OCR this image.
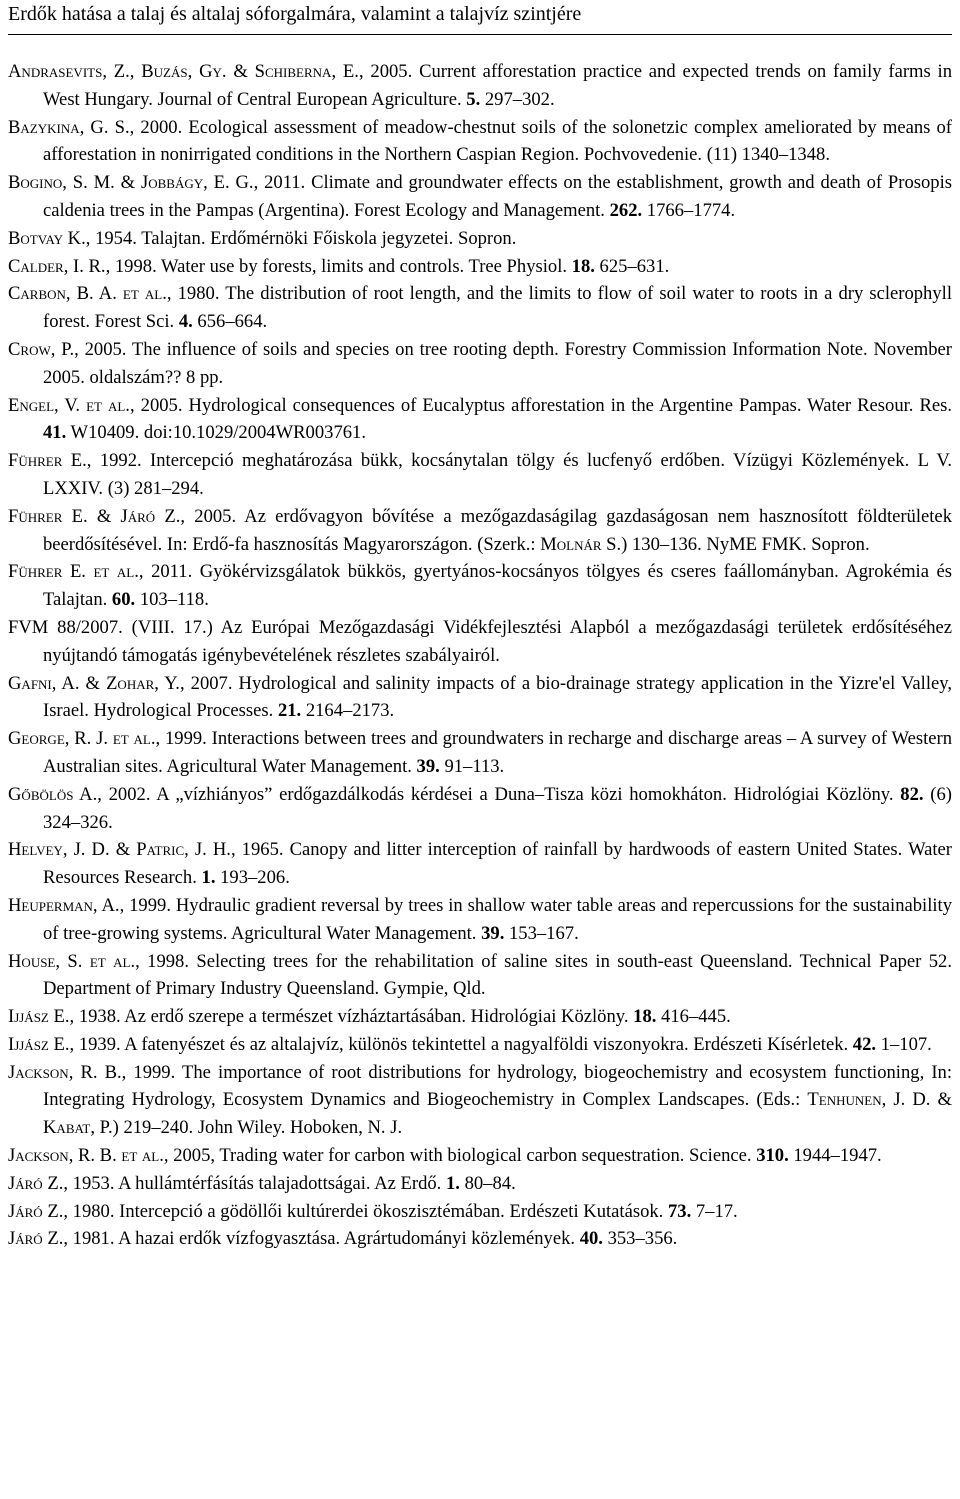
Erdők hatása a talaj és altalaj sóforgalmára, valamint a talajvíz szintjére

Andrasevits, Z., Buzás, Gy. & Schiberna, E., 2005. Current afforestation practice and expected trends on family farms in West Hungary. Journal of Central European Agriculture. 5. 297–302.

Bazykina, G. S., 2000. Ecological assessment of meadow-chestnut soils of the solonetzic complex ameliorated by means of afforestation in nonirrigated conditions in the Northern Caspian Region. Pochvovedenie. (11) 1340–1348.

Bogino, S. M. & Jobbágy, E. G., 2011. Climate and groundwater effects on the establishment, growth and death of Prosopis caldenia trees in the Pampas (Argentina). Forest Ecology and Management. 262. 1766–1774.

Botvay K., 1954. Talajtan. Erdőmérnöki Főiskola jegyzetei. Sopron.

Calder, I. R., 1998. Water use by forests, limits and controls. Tree Physiol. 18. 625–631.

Carbon, B. A. et al., 1980. The distribution of root length, and the limits to flow of soil water to roots in a dry sclerophyll forest. Forest Sci. 4. 656–664.

Crow, P., 2005. The influence of soils and species on tree rooting depth. Forestry Commission Information Note. November 2005. oldalszám?? 8 pp.

Engel, V. et al., 2005. Hydrological consequences of Eucalyptus afforestation in the Argentine Pampas. Water Resour. Res. 41. W10409. doi:10.1029/2004WR003761.

Führer E., 1992. Intercepció meghatározása bükk, kocsánytalan tölgy és lucfenyő erdőben. Vízügyi Közlemények. L V. LXXIV. (3) 281–294.

Führer E. & Járó Z., 2005. Az erdővagyon bővítése a mezőgazdaságilag gazdaságosan nem hasznosított földterületek beerdősítésével. In: Erdő-fa hasznosítás Magyarországon. (Szerk.: Molnár S.) 130–136. NyME FMK. Sopron.

Führer E. et al., 2011. Gyökérvizsgálatok bükkös, gyertyános-kocsányos tölgyes és cseres faállományban. Agrokémia és Talajtan. 60. 103–118.

FVM 88/2007. (VIII. 17.) Az Európai Mezőgazdasági Vidékfejlesztési Alapból a mezőgazdasági területek erdősítéséhez nyújtandó támogatás igénybevételének részletes szabályairól.

Gafni, A. & Zohar, Y., 2007. Hydrological and salinity impacts of a bio-drainage strategy application in the Yizre'el Valley, Israel. Hydrological Processes. 21. 2164–2173.

George, R. J. et al., 1999. Interactions between trees and groundwaters in recharge and discharge areas – A survey of Western Australian sites. Agricultural Water Management. 39. 91–113.

Gőbölös A., 2002. A „vízhiányos” erdőgazdálkodás kérdései a Duna–Tisza közi homokháton. Hidrológiai Közlöny. 82. (6) 324–326.

Helvey, J. D. & Patric, J. H., 1965. Canopy and litter interception of rainfall by hardwoods of eastern United States. Water Resources Research. 1. 193–206.

Heuperman, A., 1999. Hydraulic gradient reversal by trees in shallow water table areas and repercussions for the sustainability of tree-growing systems. Agricultural Water Management. 39. 153–167.

House, S. et al., 1998. Selecting trees for the rehabilitation of saline sites in south-east Queensland. Technical Paper 52. Department of Primary Industry Queensland. Gympie, Qld.

Ijjász E., 1938. Az erdő szerepe a természet vízháztartásában. Hidrológiai Közlöny. 18. 416–445.

Ijjász E., 1939. A fatenyészet és az altalajvíz, különös tekintettel a nagyalföldi viszonyokra. Erdészeti Kísérletek. 42. 1–107.

Jackson, R. B., 1999. The importance of root distributions for hydrology, biogeochemistry and ecosystem functioning, In: Integrating Hydrology, Ecosystem Dynamics and Biogeochemistry in Complex Landscapes. (Eds.: Tenhunen, J. D. & Kabat, P.) 219–240. John Wiley. Hoboken, N. J.

Jackson, R. B. et al., 2005, Trading water for carbon with biological carbon sequestration. Science. 310. 1944–1947.

Járó Z., 1953. A hullámtérfásítás talajadottságai. Az Erdő. 1. 80–84.

Járó Z., 1980. Intercepció a gödöllői kultúrerdei ökoszisztémában. Erdészeti Kutatások. 73. 7–17.

Járó Z., 1981. A hazai erdők vízfogyasztása. Agrártudományi közlemények. 40. 353–356.
